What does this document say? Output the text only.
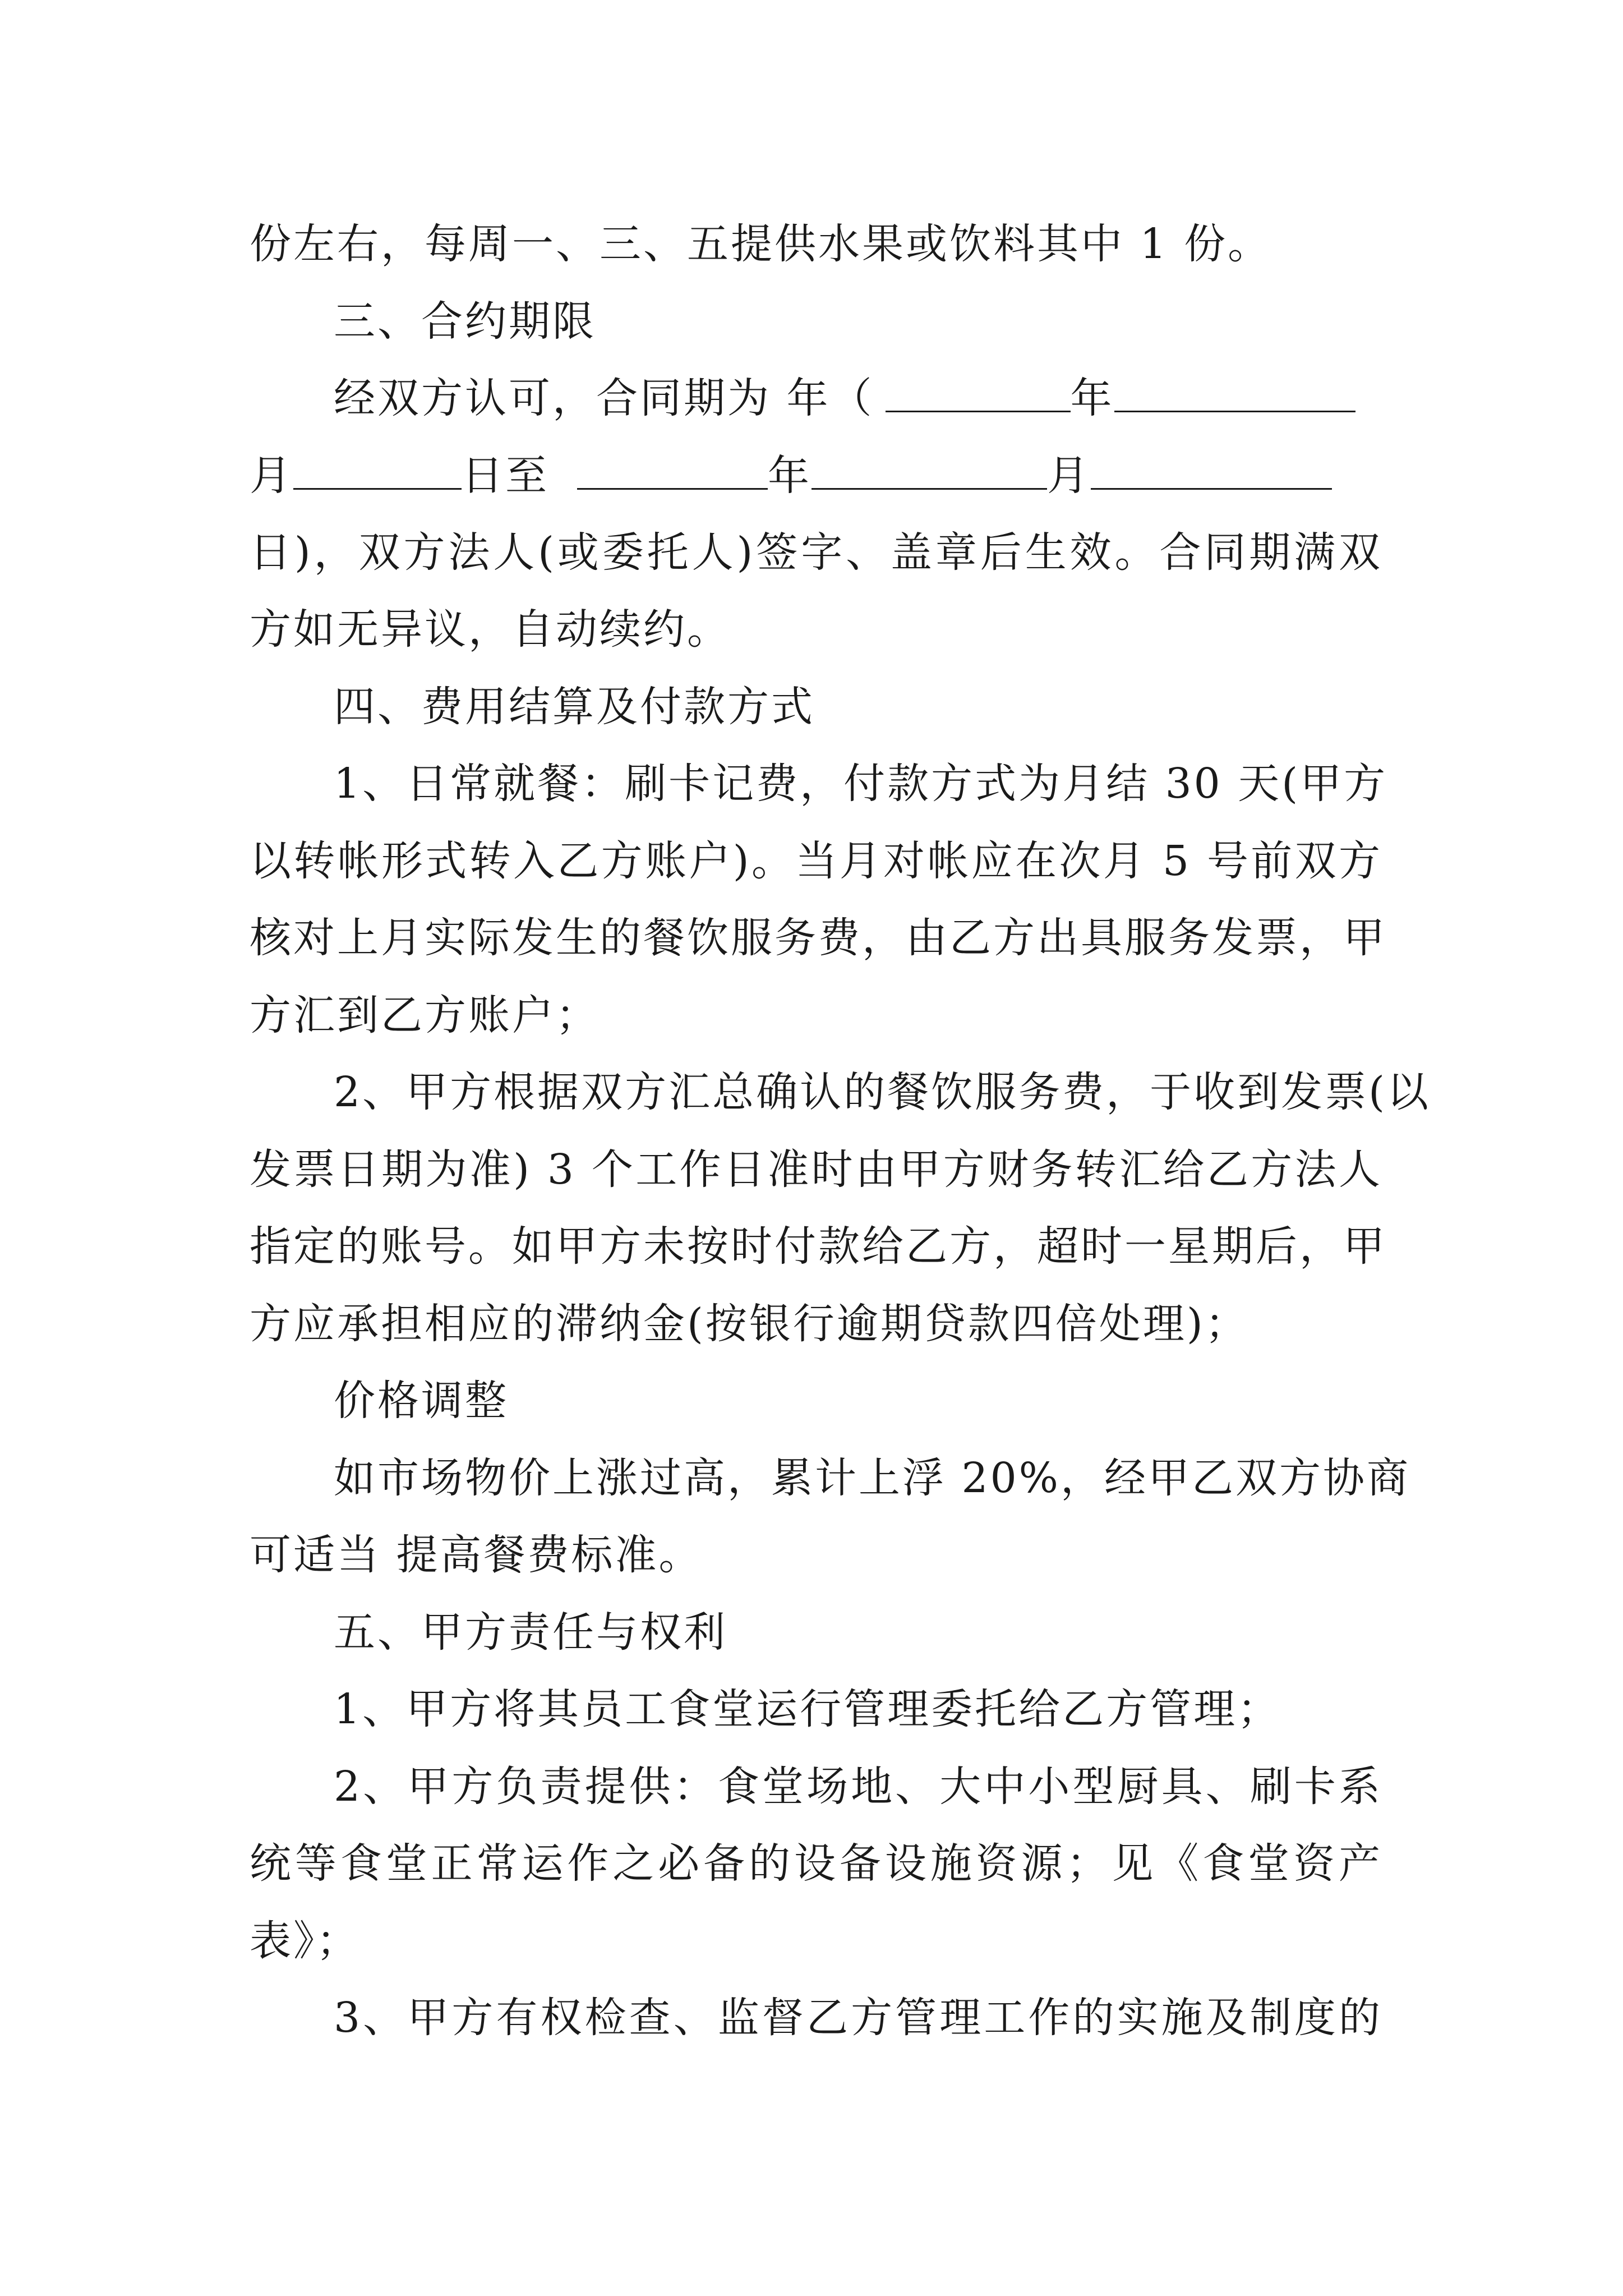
份左右，每周一、三、五提供水果或饮料其中 1 份。
三、合约期限
经双方认可，合同期为 年（	年
月	日至	年	月
日)，双方法人(或委托人)签字、盖章后生效。合同期满双
方如无异议，自动续约。
四、费用结算及付款方式
1、日常就餐：刷卡记费，付款方式为月结 30 天(甲方
以转帐形式转入乙方账户)。当月对帐应在次月 5 号前双方
核对上月实际发生的餐饮服务费，由乙方出具服务发票，甲
方汇到乙方账户；
2、甲方根据双方汇总确认的餐饮服务费，于收到发票(以
发票日期为准) 3 个工作日准时由甲方财务转汇给乙方法人
指定的账号。如甲方未按时付款给乙方，超时一星期后，甲
方应承担相应的滞纳金(按银行逾期贷款四倍处理)；
价格调整
如市场物价上涨过高，累计上浮 20%，经甲乙双方协商
可适当 提高餐费标准。
五、甲方责任与权利
1、甲方将其员工食堂运行管理委托给乙方管理；
2、甲方负责提供：食堂场地、大中小型厨具、刷卡系
统等食堂正常运作之必备的设备设施资源；见《食堂资产
表》；
3、甲方有权检查、监督乙方管理工作的实施及制度的
